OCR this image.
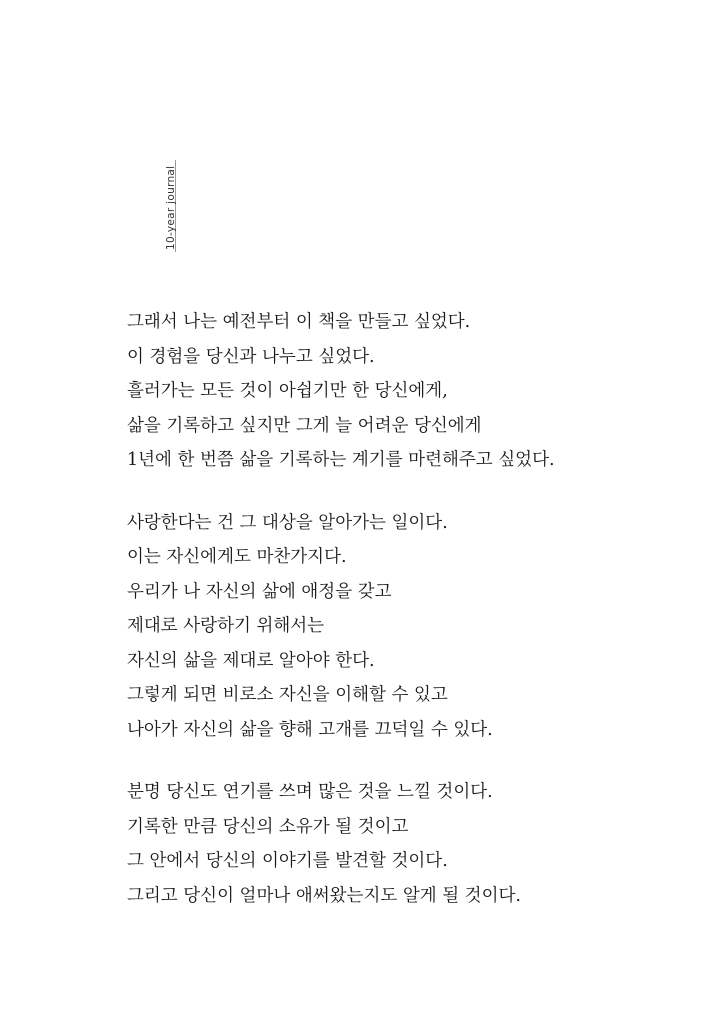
10-year journal
그래서 나는 예전부터 이 책을 만들고 싶었다.
이 경험을 당신과 나누고 싶었다.
흘러가는 모든 것이 아쉽기만 한 당신에게,
삶을 기록하고 싶지만 그게 늘 어려운 당신에게
1년에 한 번쯤 삶을 기록하는 계기를 마련해주고 싶었다.
사랑한다는 건 그 대상을 알아가는 일이다.
이는 자신에게도 마찬가지다.
우리가 나 자신의 삶에 애정을 갖고
제대로 사랑하기 위해서는
자신의 삶을 제대로 알아야 한다.
그렇게 되면 비로소 자신을 이해할 수 있고
나아가 자신의 삶을 향해 고개를 끄덕일 수 있다.
분명 당신도 연기를 쓰며 많은 것을 느낄 것이다.
기록한 만큼 당신의 소유가 될 것이고
그 안에서 당신의 이야기를 발견할 것이다.
그리고 당신이 얼마나 애써왔는지도 알게 될 것이다.
